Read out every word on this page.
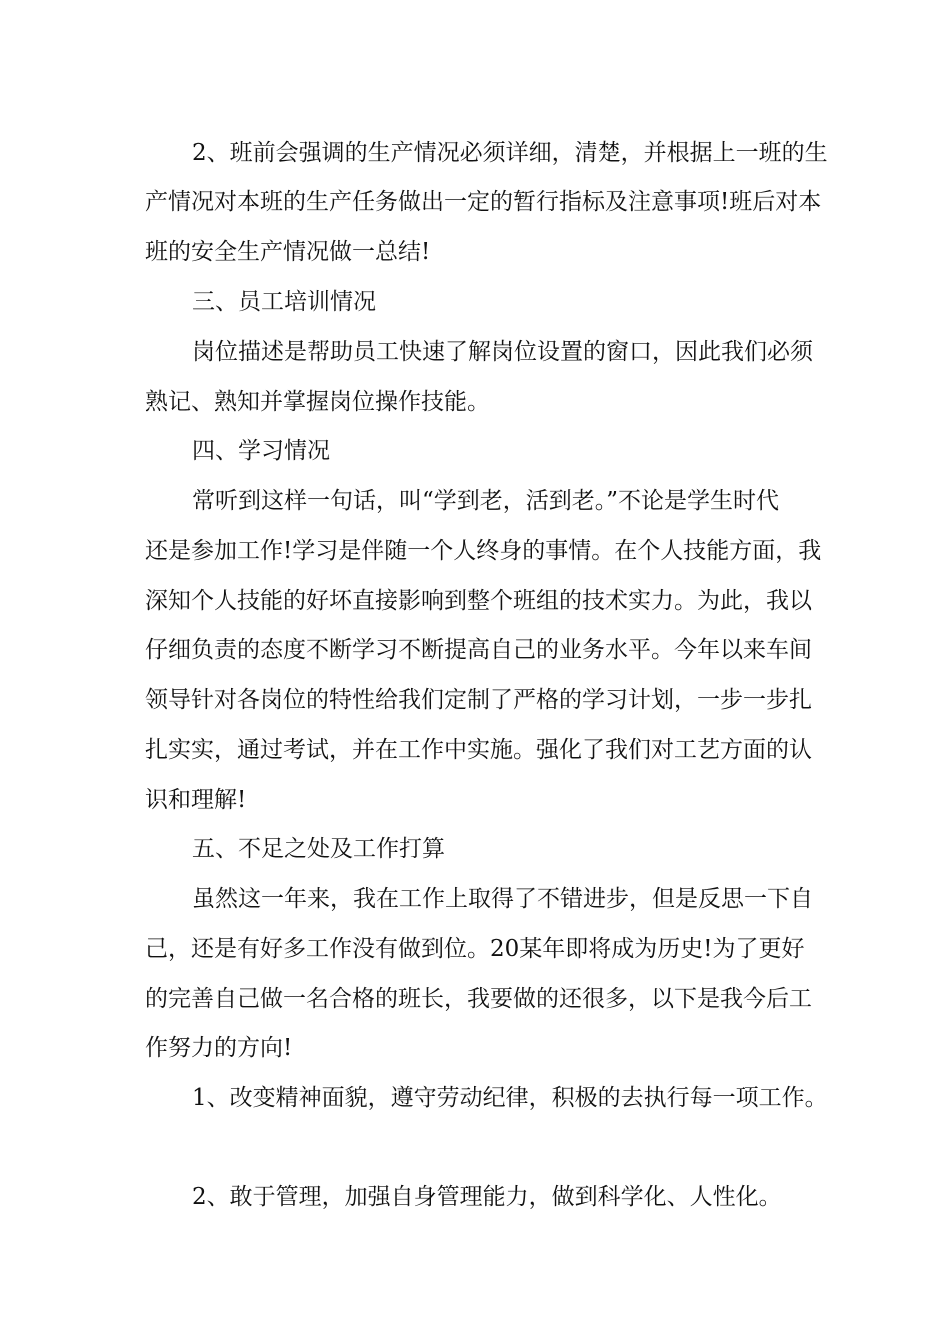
2、班前会强调的生产情况必须详细，清楚，并根据上一班的生

产情况对本班的生产任务做出一定的暂行指标及注意事项!班后对本

班的安全生产情况做一总结!

三、员工培训情况

岗位描述是帮助员工快速了解岗位设置的窗口，因此我们必须

熟记、熟知并掌握岗位操作技能。

四、学习情况

常听到这样一句话，叫“学到老，活到老。”不论是学生时代

还是参加工作!学习是伴随一个人终身的事情。在个人技能方面，我

深知个人技能的好坏直接影响到整个班组的技术实力。为此，我以

仔细负责的态度不断学习不断提高自己的业务水平。今年以来车间

领导针对各岗位的特性给我们定制了严格的学习计划，一步一步扎

扎实实，通过考试，并在工作中实施。强化了我们对工艺方面的认

识和理解!

五、不足之处及工作打算

虽然这一年来，我在工作上取得了不错进步，但是反思一下自

己，还是有好多工作没有做到位。20某年即将成为历史!为了更好

的完善自己做一名合格的班长，我要做的还很多，以下是我今后工

作努力的方向!

1、改变精神面貌，遵守劳动纪律，积极的去执行每一项工作。

2、敢于管理，加强自身管理能力，做到科学化、人性化。
